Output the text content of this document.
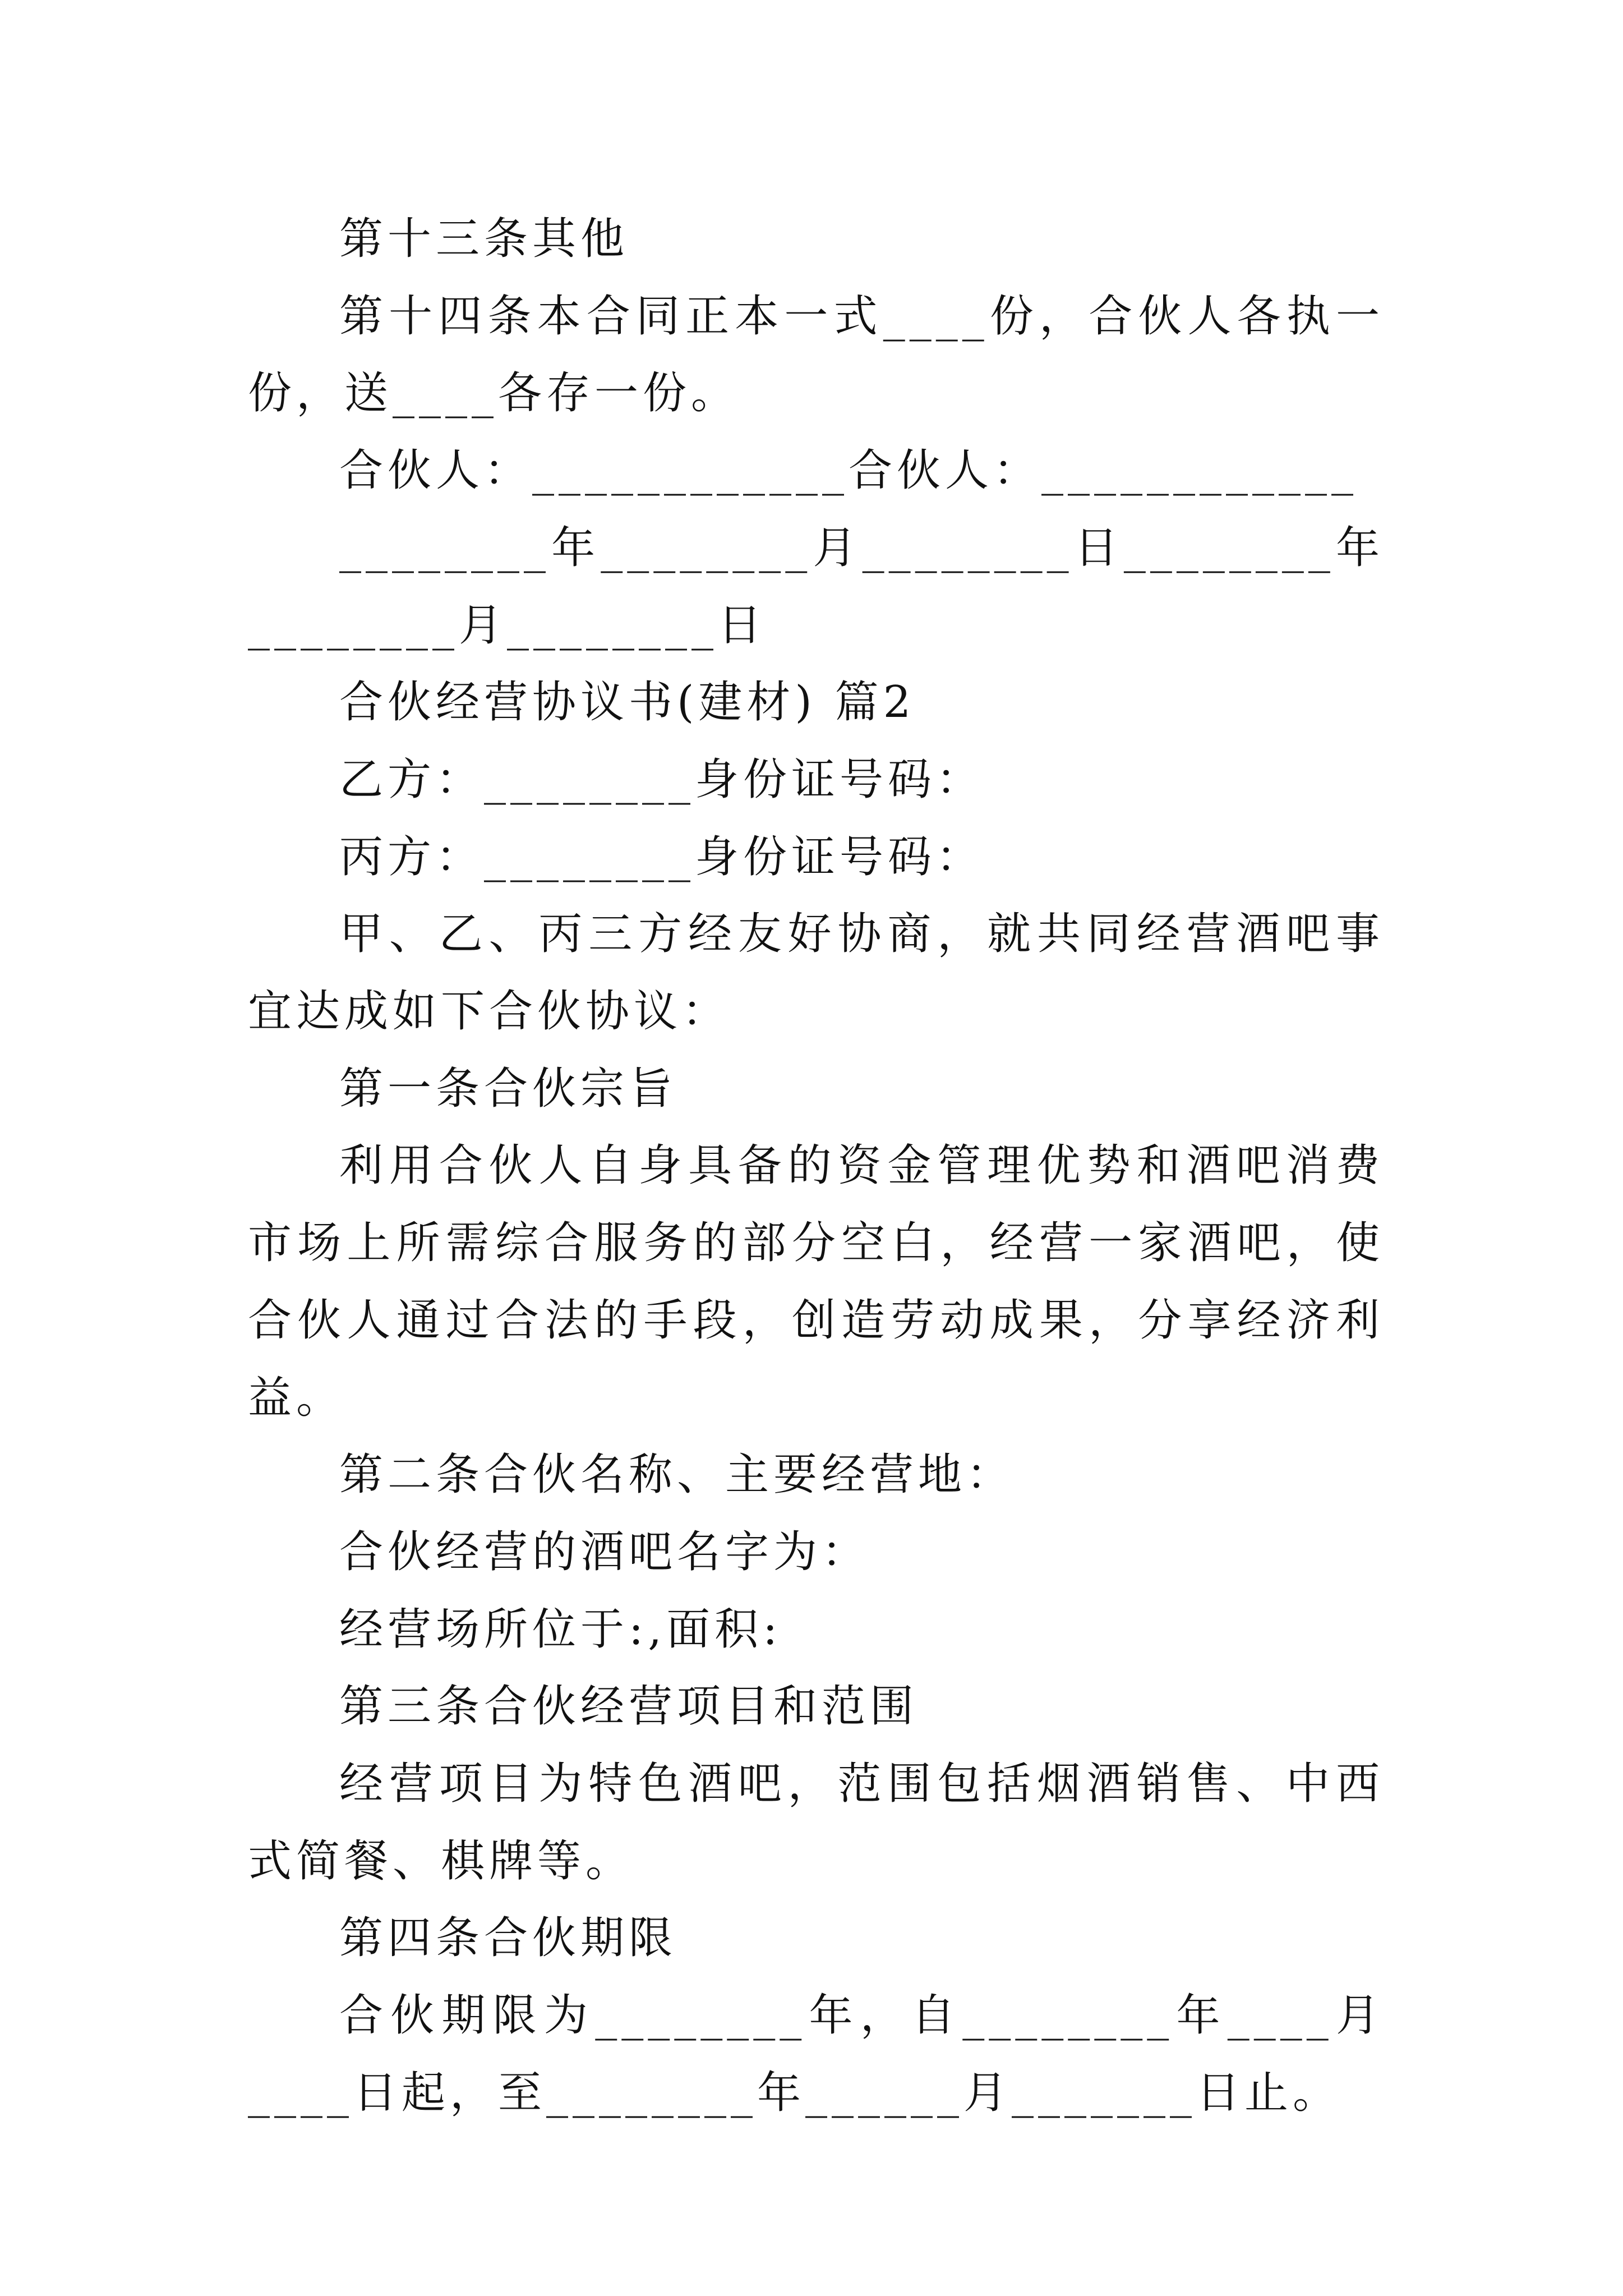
第十三条其他

第十四条本合同正本一式____份，合伙人各执一份，送____各存一份。

合伙人：____________合伙人：____________

________年________月________日________年________月________日

合伙经营协议书(建材) 篇2

乙方：________身份证号码：

丙方：________身份证号码：

甲、乙、丙三方经友好协商，就共同经营酒吧事宜达成如下合伙协议：

第一条合伙宗旨

利用合伙人自身具备的资金管理优势和酒吧消费市场上所需综合服务的部分空白，经营一家酒吧，使合伙人通过合法的手段，创造劳动成果，分享经济利益。

第二条合伙名称、主要经营地：

合伙经营的酒吧名字为：

经营场所位于:,面积:

第三条合伙经营项目和范围

经营项目为特色酒吧，范围包括烟酒销售、中西式简餐、棋牌等。

第四条合伙期限

合伙期限为________年，自________年____月____日起，至________年______月_______日止。
